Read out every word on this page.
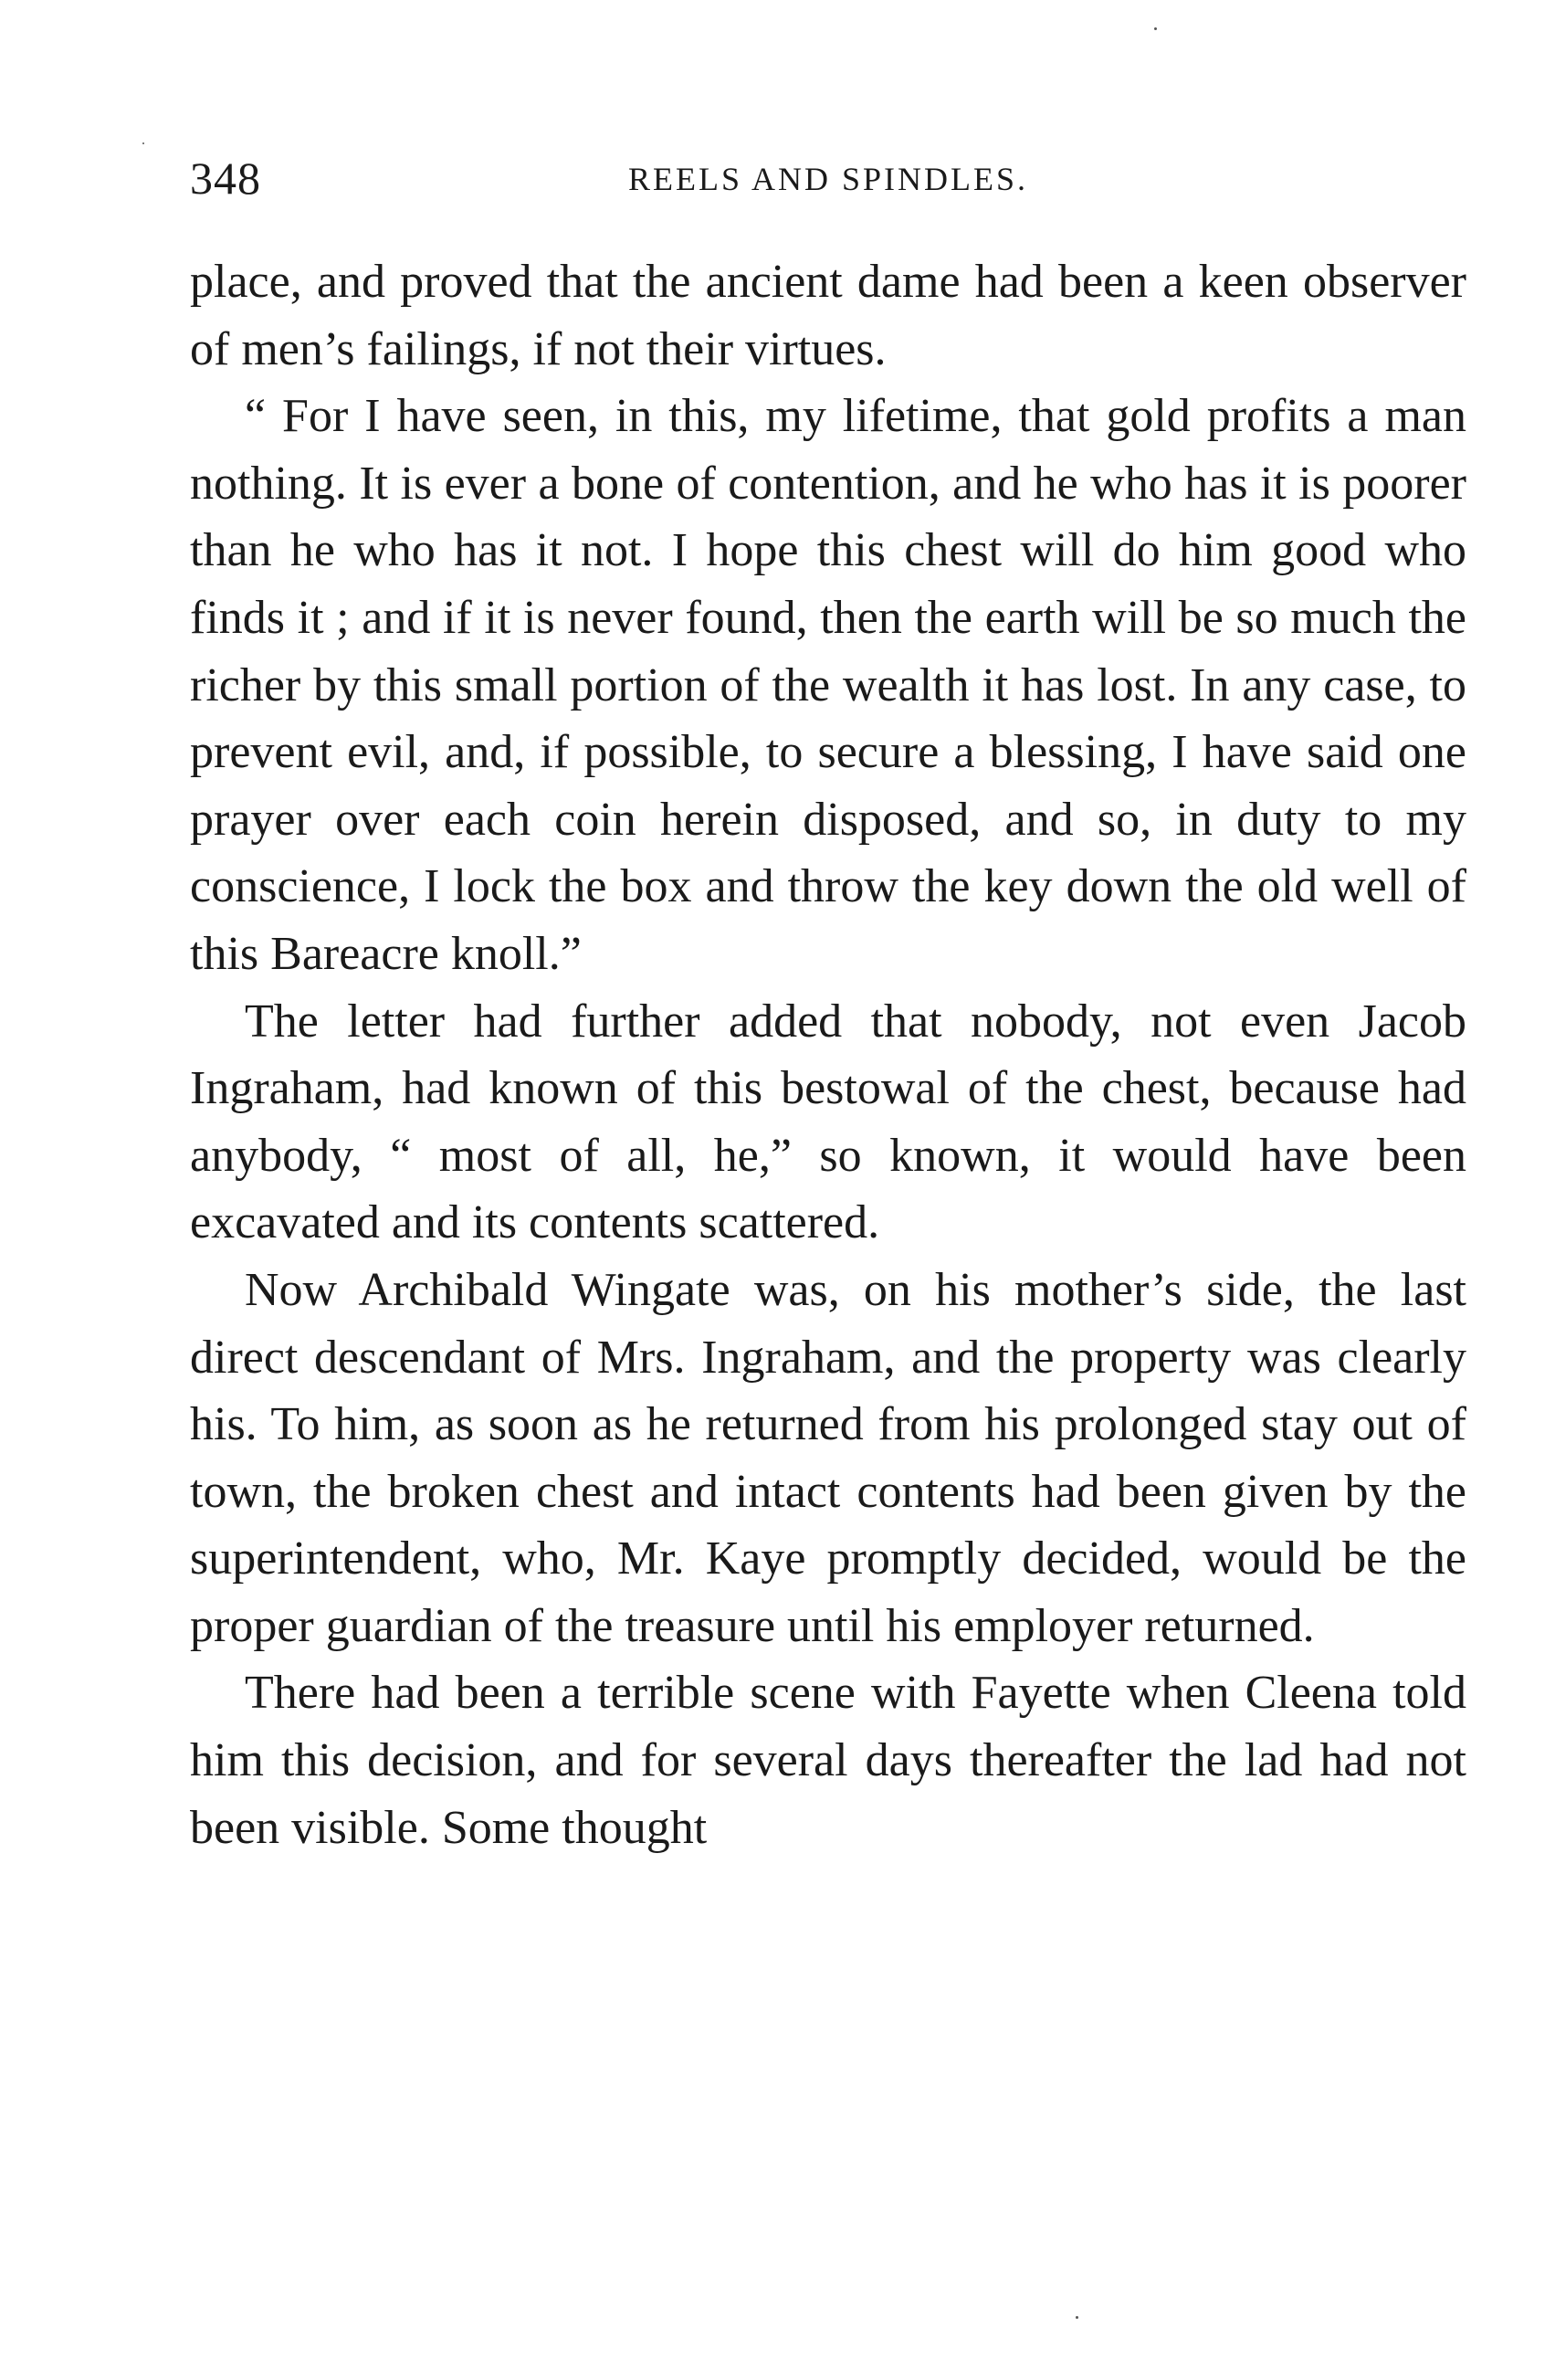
348	REELS AND SPINDLES.

place, and proved that the ancient dame had been a keen observer of men’s failings, if not their virtues.

“ For I have seen, in this, my lifetime, that gold profits a man nothing. It is ever a bone of contention, and he who has it is poorer than he who has it not. I hope this chest will do him good who finds it ; and if it is never found, then the earth will be so much the richer by this small portion of the wealth it has lost. In any case, to prevent evil, and, if possible, to secure a blessing, I have said one prayer over each coin herein disposed, and so, in duty to my conscience, I lock the box and throw the key down the old well of this Bareacre knoll.”

The letter had further added that nobody, not even Jacob Ingraham, had known of this bestowal of the chest, because had anybody, “ most of all, he,” so known, it would have been excavated and its contents scattered.

Now Archibald Wingate was, on his mother’s side, the last direct descendant of Mrs. Ingraham, and the property was clearly his. To him, as soon as he returned from his prolonged stay out of town, the broken chest and intact contents had been given by the superintendent, who, Mr. Kaye promptly decided, would be the proper guardian of the treasure until his employer returned.

There had been a terrible scene with Fayette when Cleena told him this decision, and for several days thereafter the lad had not been visible. Some thought
